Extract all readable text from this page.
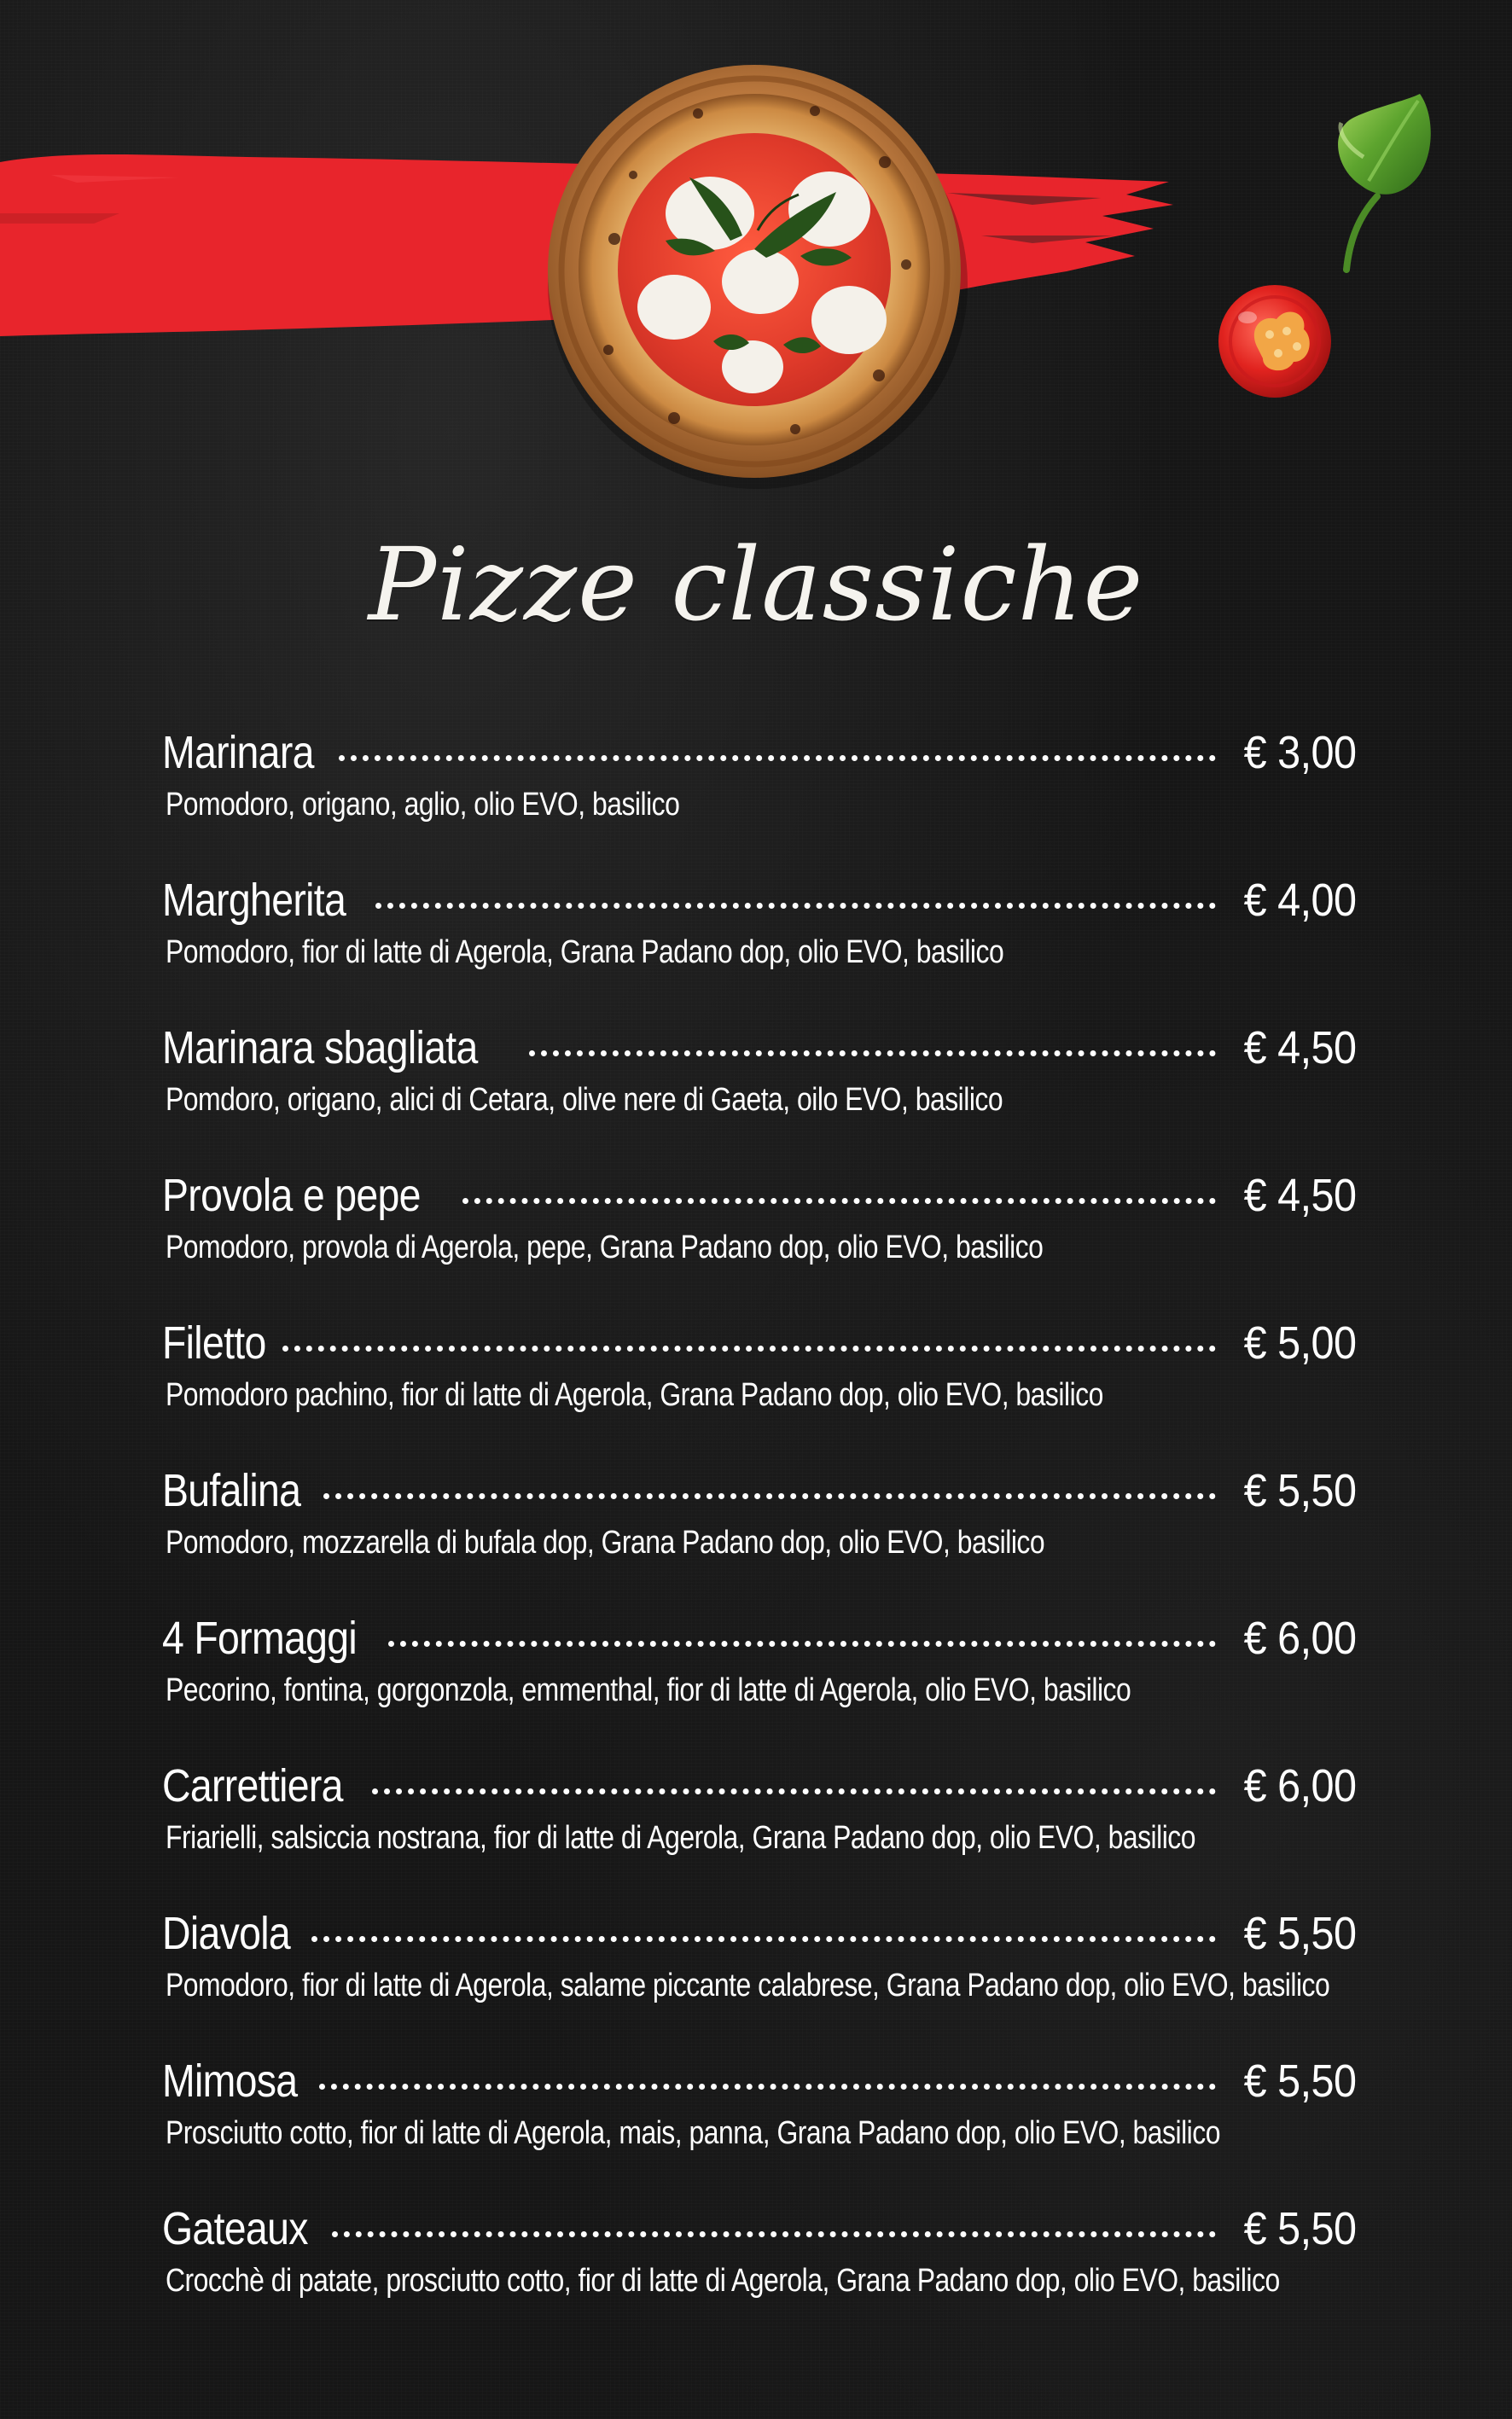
Pizze classiche
Marinara	€ 3,00
Pomodoro, origano, aglio, olio EVO, basilico
Margherita	€ 4,00
Pomodoro, fior di latte di Agerola, Grana Padano dop, olio EVO, basilico
Marinara sbagliata	€ 4,50
Pomdoro, origano, alici di Cetara, olive nere di Gaeta, oilo EVO, basilico
Provola e pepe	€ 4,50
Pomodoro, provola di Agerola, pepe, Grana Padano dop, olio EVO, basilico
Filetto	€ 5,00
Pomodoro pachino, fior di latte di Agerola, Grana Padano dop, olio EVO, basilico
Bufalina	€ 5,50
Pomodoro, mozzarella di bufala dop, Grana Padano dop, olio EVO, basilico
4 Formaggi	€ 6,00
Pecorino, fontina, gorgonzola, emmenthal, fior di latte di Agerola, olio EVO, basilico
Carrettiera	€ 6,00
Friarielli, salsiccia nostrana, fior di latte di Agerola, Grana Padano dop, olio EVO, basilico
Diavola	€ 5,50
Pomodoro, fior di latte di Agerola, salame piccante calabrese, Grana Padano dop, olio EVO, basilico
Mimosa	€ 5,50
Prosciutto cotto, fior di latte di Agerola, mais, panna, Grana Padano dop, olio EVO, basilico
Gateaux	€ 5,50
Crocchè di patate, prosciutto cotto, fior di latte di Agerola, Grana Padano dop, olio EVO, basilico
